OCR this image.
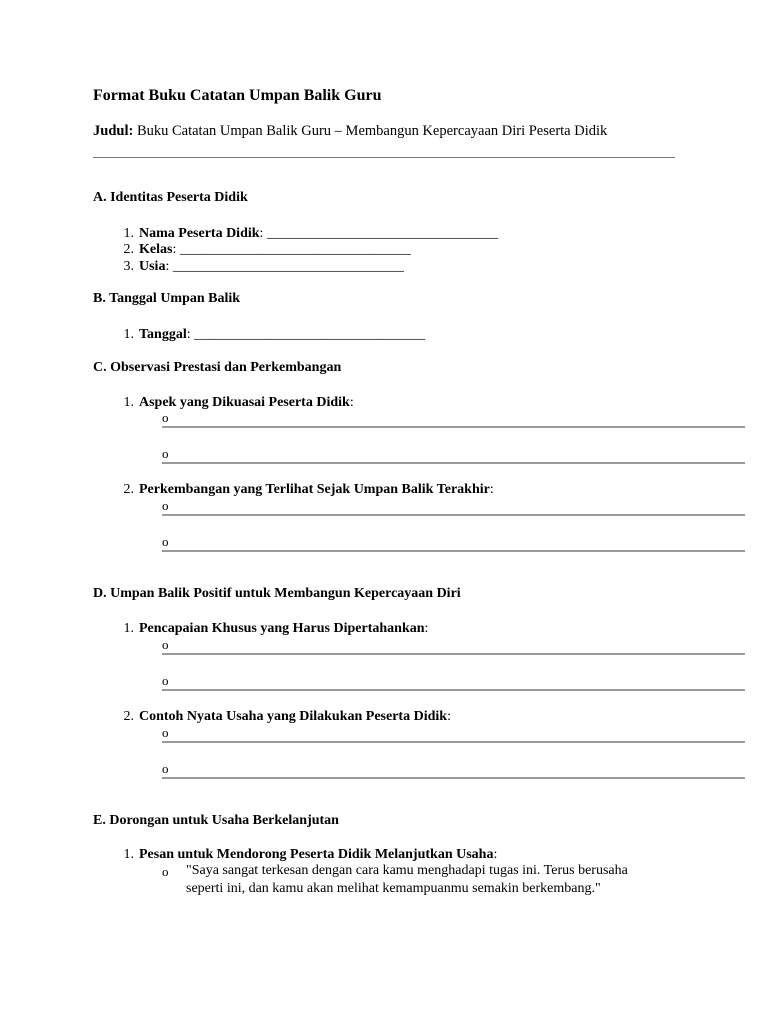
Format Buku Catatan Umpan Balik Guru
Judul: Buku Catatan Umpan Balik Guru – Membangun Kepercayaan Diri Peserta Didik
A. Identitas Peserta Didik
1. Nama Peserta Didik: _________________________________
2. Kelas: _________________________________
3. Usia: _________________________________
B. Tanggal Umpan Balik
1. Tanggal: _________________________________
C. Observasi Prestasi dan Perkembangan
1. Aspek yang Dikuasai Peserta Didik:
o
o
2. Perkembangan yang Terlihat Sejak Umpan Balik Terakhir:
o
o
D. Umpan Balik Positif untuk Membangun Kepercayaan Diri
1. Pencapaian Khusus yang Harus Dipertahankan:
o
o
2. Contoh Nyata Usaha yang Dilakukan Peserta Didik:
o
o
E. Dorongan untuk Usaha Berkelanjutan
1. Pesan untuk Mendorong Peserta Didik Melanjutkan Usaha:
o "Saya sangat terkesan dengan cara kamu menghadapi tugas ini. Terus berusaha seperti ini, dan kamu akan melihat kemampuanmu semakin berkembang."
